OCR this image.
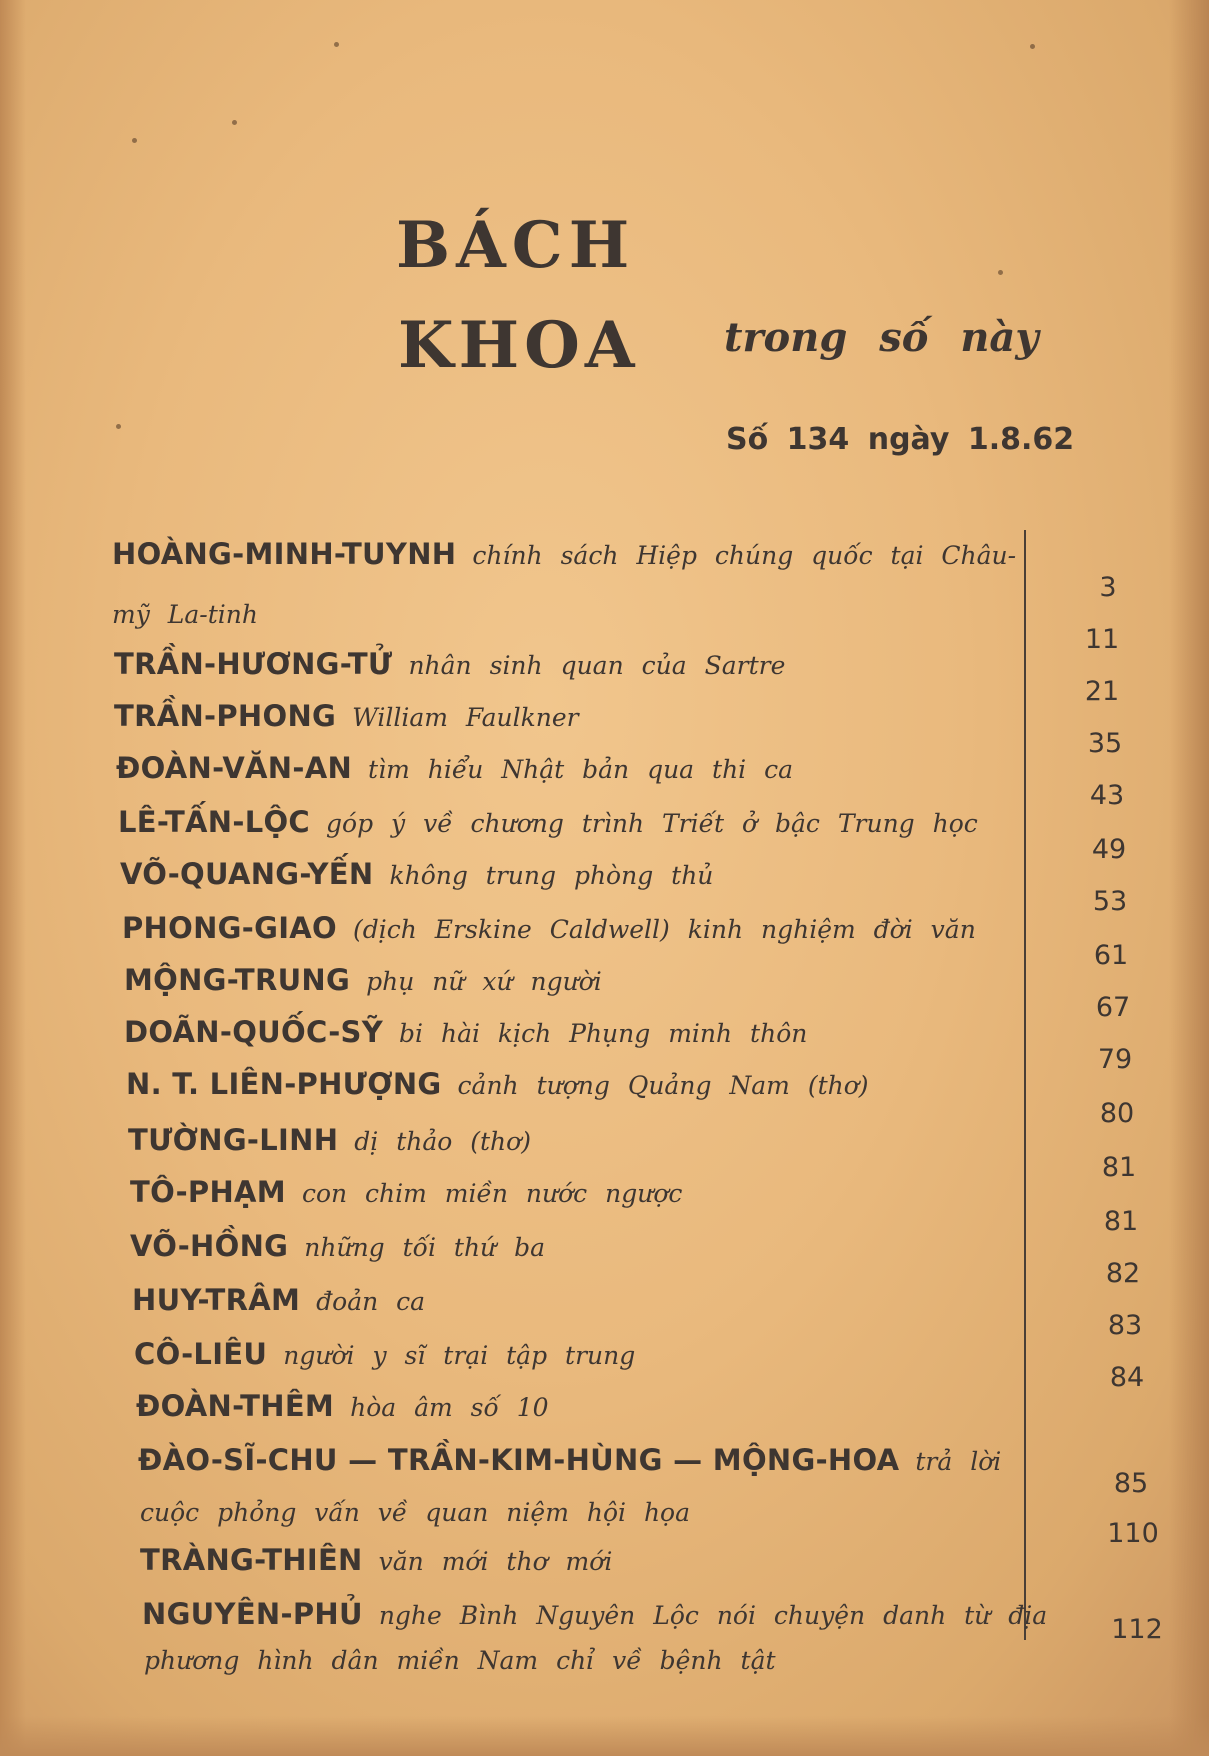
BÁCH
KHOA trong số này
Số 134 ngày 1.8.62
HOÀNG-MINH-TUYNH chính sách Hiệp chúng quốc tại Châu-
mỹ La-tinh
3
TRẦN-HƯƠNG-TỬ nhân sinh quan của Sartre
11
TRẦN-PHONG William Faulkner
21
ĐOÀN-VĂN-AN tìm hiểu Nhật bản qua thi ca
35
LÊ-TẤN-LỘC góp ý về chương trình Triết ở bậc Trung học
43
VÕ-QUANG-YẾN không trung phòng thủ
49
PHONG-GIAO (dịch Erskine Caldwell) kinh nghiệm đời văn
53
MỘNG-TRUNG phụ nữ xứ người
61
DOÃN-QUỐC-SỸ bi hài kịch Phụng minh thôn
67
N. T. LIÊN-PHƯỢNG cảnh tượng Quảng Nam (thơ)
79
TƯỜNG-LINH dị thảo (thơ)
80
TÔ-PHẠM con chim miền nước ngược
81
VÕ-HỒNG những tối thứ ba
81
HUY-TRÂM đoản ca
82
CÔ-LIÊU người y sĩ trại tập trung
83
ĐOÀN-THÊM hòa âm số 10
84
ĐÀO-SĨ-CHU — TRẦN-KIM-HÙNG — MỘNG-HOA trả lời
cuộc phỏng vấn về quan niệm hội họa
85
TRÀNG-THIÊN văn mới thơ mới
110
NGUYÊN-PHỦ nghe Bình Nguyên Lộc nói chuyện danh từ địa
phương hình dân miền Nam chỉ về bệnh tật
112
